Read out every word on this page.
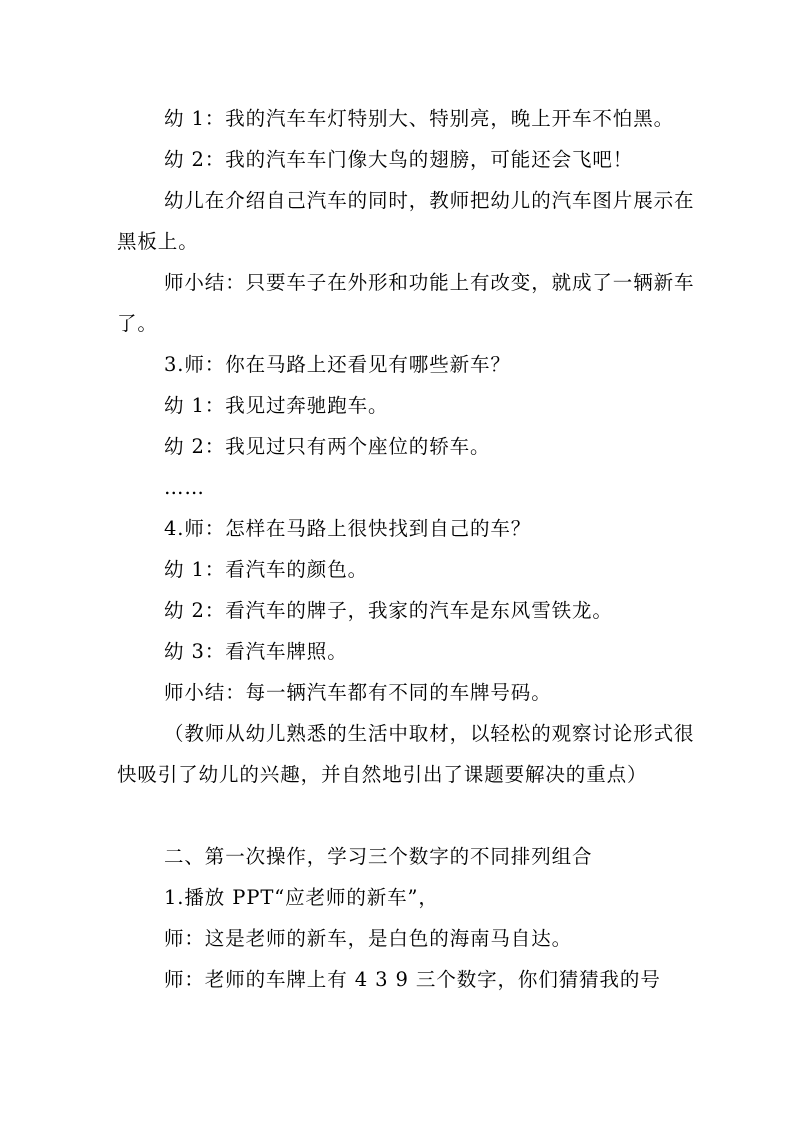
幼 1：我的汽车车灯特别大、特别亮，晚上开车不怕黑。

幼 2：我的汽车车门像大鸟的翅膀，可能还会飞吧！

幼儿在介绍自己汽车的同时，教师把幼儿的汽车图片展示在黑板上。

师小结：只要车子在外形和功能上有改变，就成了一辆新车了。

3.师：你在马路上还看见有哪些新车？

幼 1：我见过奔驰跑车。

幼 2：我见过只有两个座位的轿车。

……

4.师：怎样在马路上很快找到自己的车？

幼 1：看汽车的颜色。

幼 2：看汽车的牌子，我家的汽车是东风雪铁龙。

幼 3：看汽车牌照。

师小结：每一辆汽车都有不同的车牌号码。

（教师从幼儿熟悉的生活中取材，以轻松的观察讨论形式很快吸引了幼儿的兴趣，并自然地引出了课题要解决的重点）

二、第一次操作，学习三个数字的不同排列组合

1.播放 PPT“应老师的新车”，

师：这是老师的新车，是白色的海南马自达。

师：老师的车牌上有 4 3 9 三个数字，你们猜猜我的号
